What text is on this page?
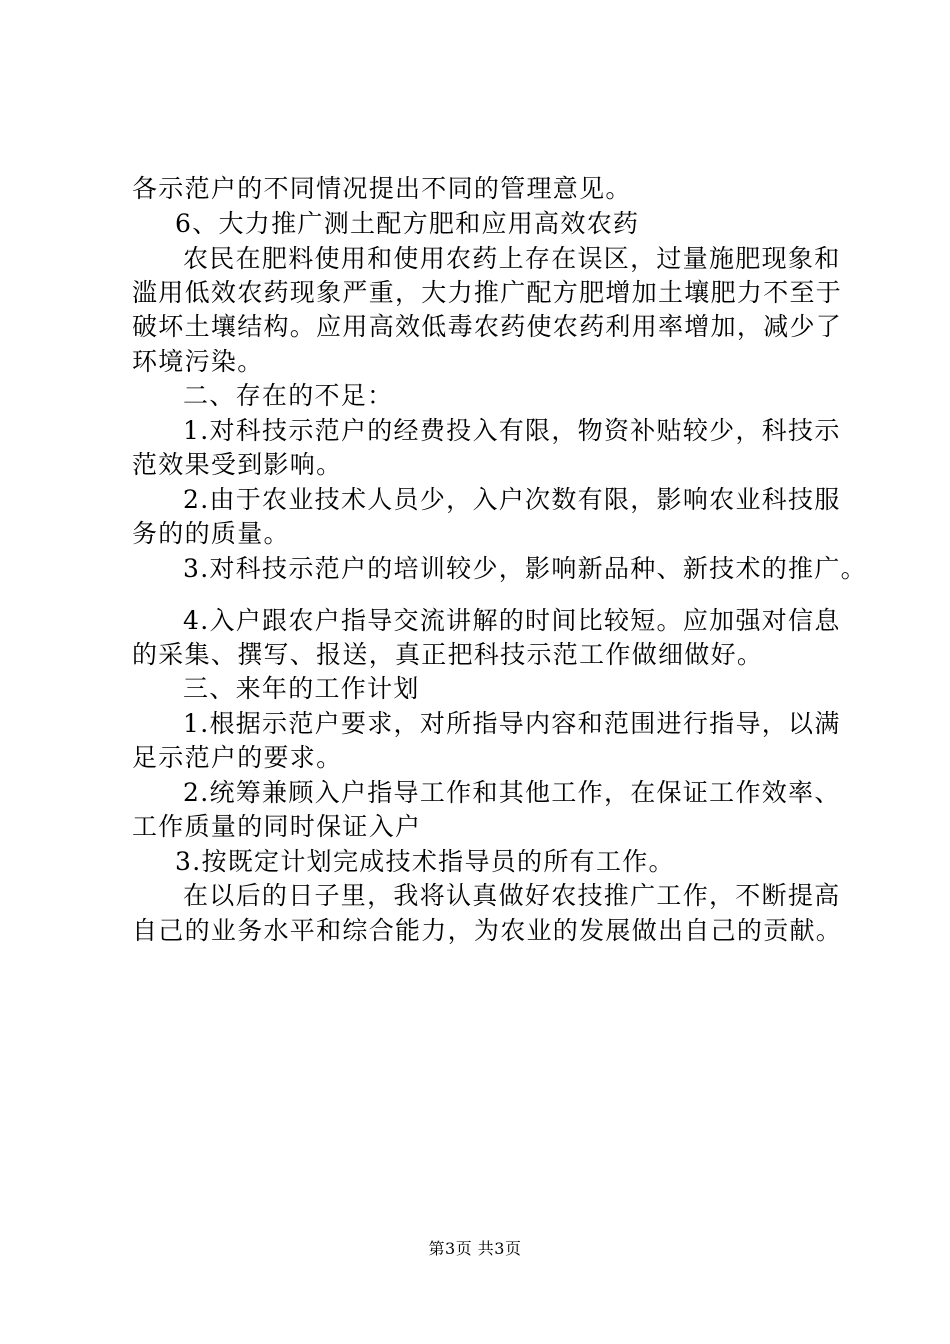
各示范户的不同情况提出不同的管理意见。
6、大力推广测土配方肥和应用高效农药
农民在肥料使用和使用农药上存在误区，过量施肥现象和
滥用低效农药现象严重，大力推广配方肥增加土壤肥力不至于
破坏土壤结构。应用高效低毒农药使农药利用率增加，减少了
环境污染。
二、存在的不足：
1.对科技示范户的经费投入有限，物资补贴较少，科技示
范效果受到影响。
2.由于农业技术人员少，入户次数有限，影响农业科技服
务的的质量。
3.对科技示范户的培训较少，影响新品种、新技术的推广。
4.入户跟农户指导交流讲解的时间比较短。应加强对信息
的采集、撰写、报送，真正把科技示范工作做细做好。
三、来年的工作计划
1.根据示范户要求，对所指导内容和范围进行指导，以满
足示范户的要求。
2.统筹兼顾入户指导工作和其他工作，在保证工作效率、
工作质量的同时保证入户
3.按既定计划完成技术指导员的所有工作。
在以后的日子里，我将认真做好农技推广工作，不断提高
自己的业务水平和综合能力，为农业的发展做出自己的贡献。
第3页 共3页
